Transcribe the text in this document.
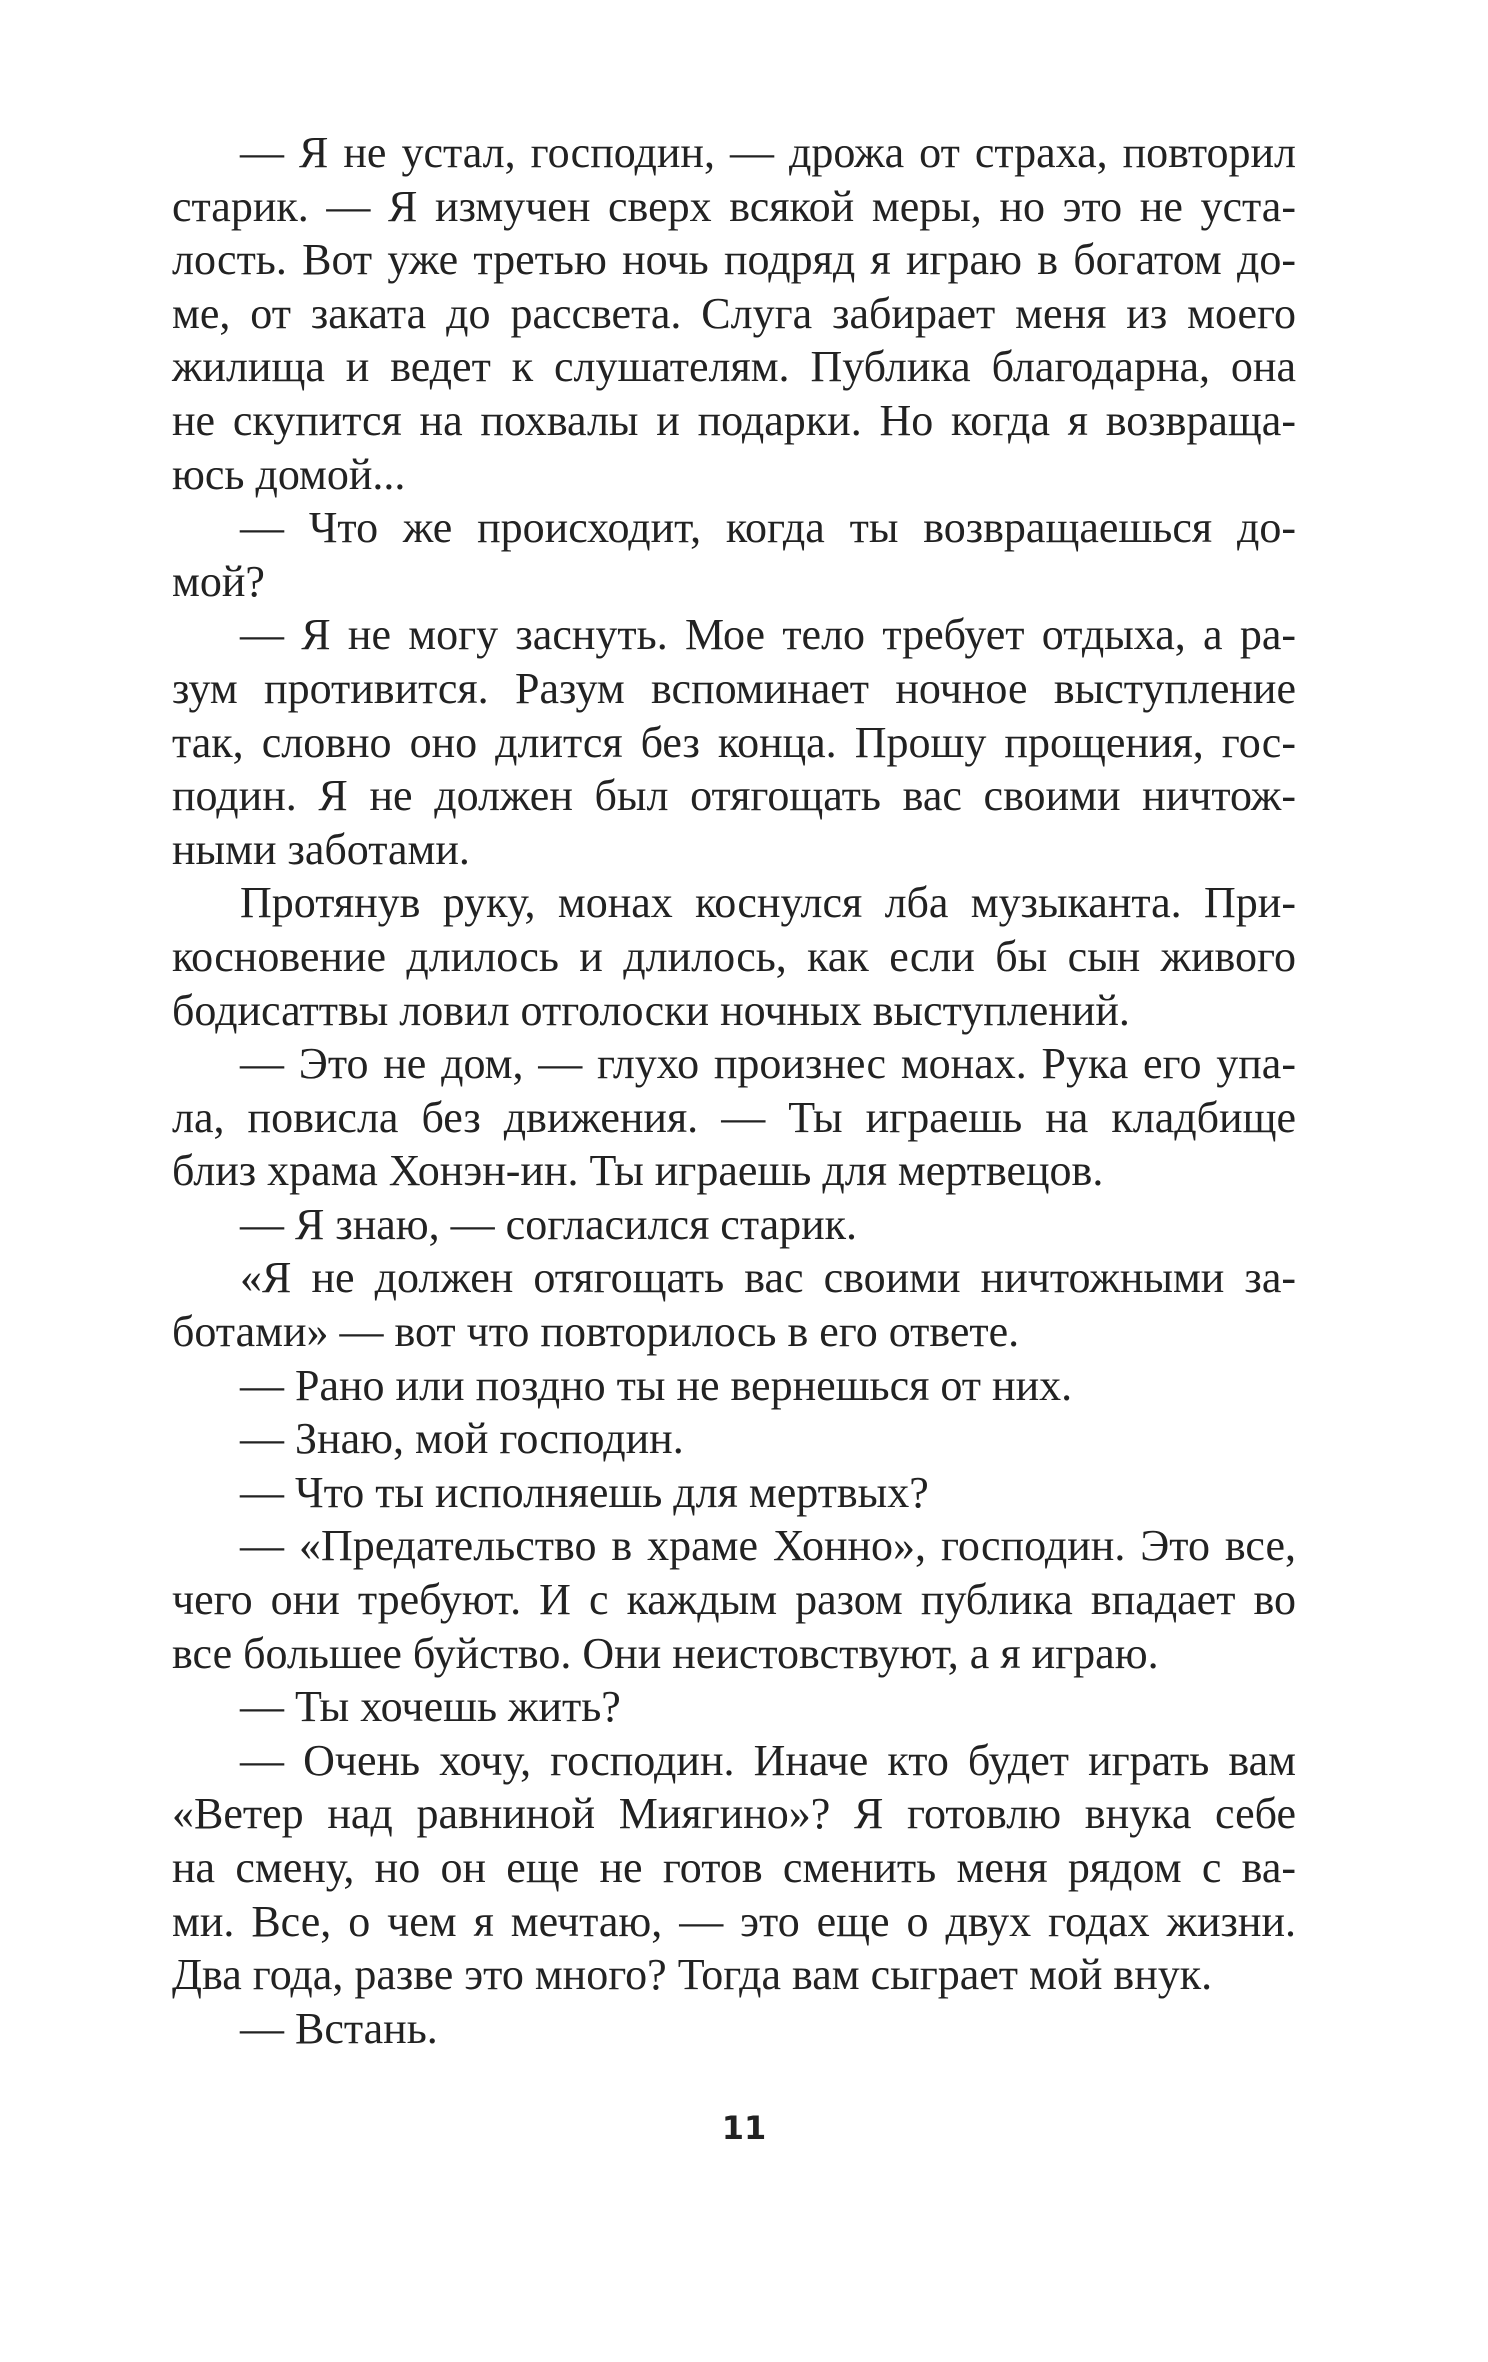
— Я не устал, господин, — дрожа от страха, повторил
старик. — Я измучен сверх всякой меры, но это не уста-
лость. Вот уже третью ночь подряд я играю в богатом до-
ме, от заката до рассвета. Слуга забирает меня из моего
жилища и ведет к слушателям. Публика благодарна, она
не скупится на похвалы и подарки. Но когда я возвраща-
юсь домой...
— Что же происходит, когда ты возвращаешься до-
мой?
— Я не могу заснуть. Мое тело требует отдыха, а ра-
зум противится. Разум вспоминает ночное выступление
так, словно оно длится без конца. Прошу прощения, гос-
подин. Я не должен был отягощать вас своими ничтож-
ными заботами.
Протянув руку, монах коснулся лба музыканта. При-
косновение длилось и длилось, как если бы сын живого
бодисаттвы ловил отголоски ночных выступлений.
— Это не дом, — глухо произнес монах. Рука его упа-
ла, повисла без движения. — Ты играешь на кладбище
близ храма Хонэн-ин. Ты играешь для мертвецов.
— Я знаю, — согласился старик.
«Я не должен отягощать вас своими ничтожными за-
ботами» — вот что повторилось в его ответе.
— Рано или поздно ты не вернешься от них.
— Знаю, мой господин.
— Что ты исполняешь для мертвых?
— «Предательство в храме Хонно», господин. Это все,
чего они требуют. И с каждым разом публика впадает во
все большее буйство. Они неистовствуют, а я играю.
— Ты хочешь жить?
— Очень хочу, господин. Иначе кто будет играть вам
«Ветер над равниной Миягино»? Я готовлю внука себе
на смену, но он еще не готов сменить меня рядом с ва-
ми. Все, о чем я мечтаю, — это еще о двух годах жизни.
Два года, разве это много? Тогда вам сыграет мой внук.
— Встань.
11
